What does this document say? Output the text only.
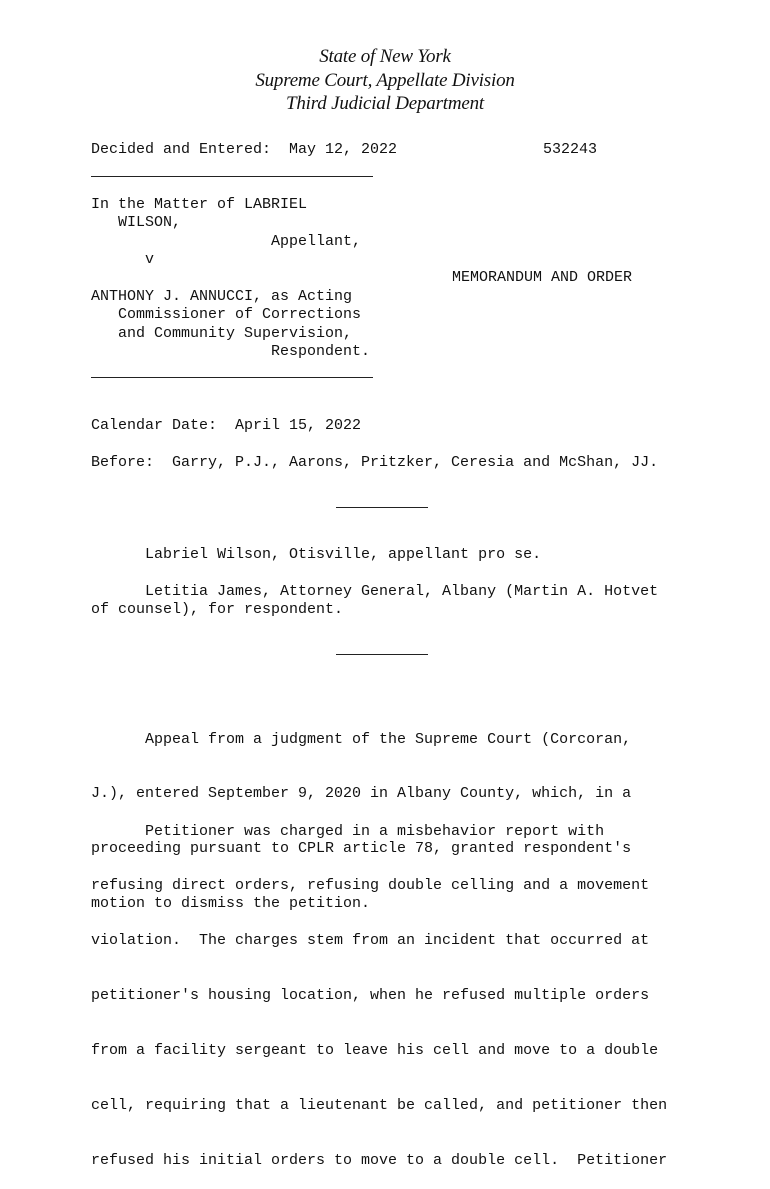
State of New York
Supreme Court, Appellate Division
Third Judicial Department
Decided and Entered:  May 12, 2022	532243
In the Matter of LABRIEL
WILSON,
Appellant,
v
MEMORANDUM AND ORDER
ANTHONY J. ANNUCCI, as Acting
Commissioner of Corrections
and Community Supervision,
Respondent.
Calendar Date:  April 15, 2022
Before:  Garry, P.J., Aarons, Pritzker, Ceresia and McShan, JJ.
Labriel Wilson, Otisville, appellant pro se.
Letitia James, Attorney General, Albany (Martin A. Hotvet
of counsel), for respondent.

Appeal from a judgment of the Supreme Court (Corcoran,

J.), entered September 9, 2020 in Albany County, which, in a

proceeding pursuant to CPLR article 78, granted respondent's

motion to dismiss the petition.

Petitioner was charged in a misbehavior report with

refusing direct orders, refusing double celling and a movement

violation.  The charges stem from an incident that occurred at

petitioner's housing location, when he refused multiple orders

from a facility sergeant to leave his cell and move to a double

cell, requiring that a lieutenant be called, and petitioner then

refused his initial orders to move to a double cell.  Petitioner
